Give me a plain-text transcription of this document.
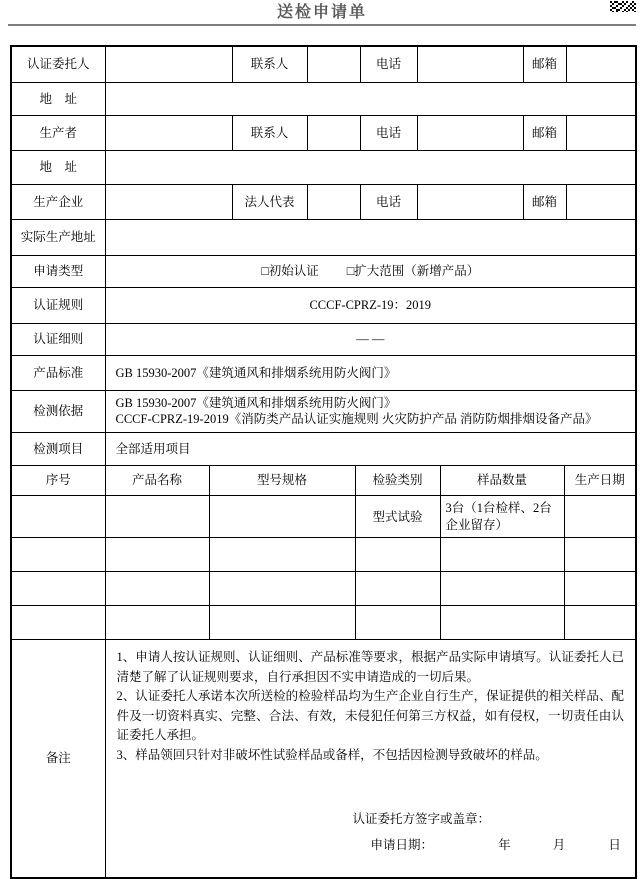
送检申请单
认证委托人		联系人		电话		邮箱	
地　址							
生产者		联系人		电话		邮箱	
地　址							
生产企业		法人代表		电话		邮箱	
实际生产地址							
申请类型	□初始认证 □扩大范围（新增产品）						
认证规则	CCCF-CPRZ-19：2019						
认证细则	— —						
产品标准	GB 15930-2007《建筑通风和排烟系统用防火阀门》						
检测依据	GB 15930-2007《建筑通风和排烟系统用防火阀门》
CCCF-CPRZ-19-2019《消防类产品认证实施规则 火灾防护产品 消防防烟排烟设备产品》						

检测项目	全部适用项目						
序号	产品名称	型号规格	检验类别	样品数量	生产日期
			型式试验	3台（1台检样、2台企业留存）	

备注	1、申请人按认证规则、认证细则、产品标准等要求，根据产品实际申请填写。认证委托人已清楚了解了认证规则要求，自行承担因不实申请造成的一切后果。

2、认证委托人承诺本次所送检的检验样品均为生产企业自行生产，保证提供的相关样品、配件及一切资料真实、完整、合法、有效，未侵犯任何第三方权益，如有侵权，一切责任由认证委托人承担。

3、样品领回只针对非破坏性试验样品或备样，不包括因检测导致破坏的样品。

认证委托方签字或盖章：
申请日期： 年 月 日				
